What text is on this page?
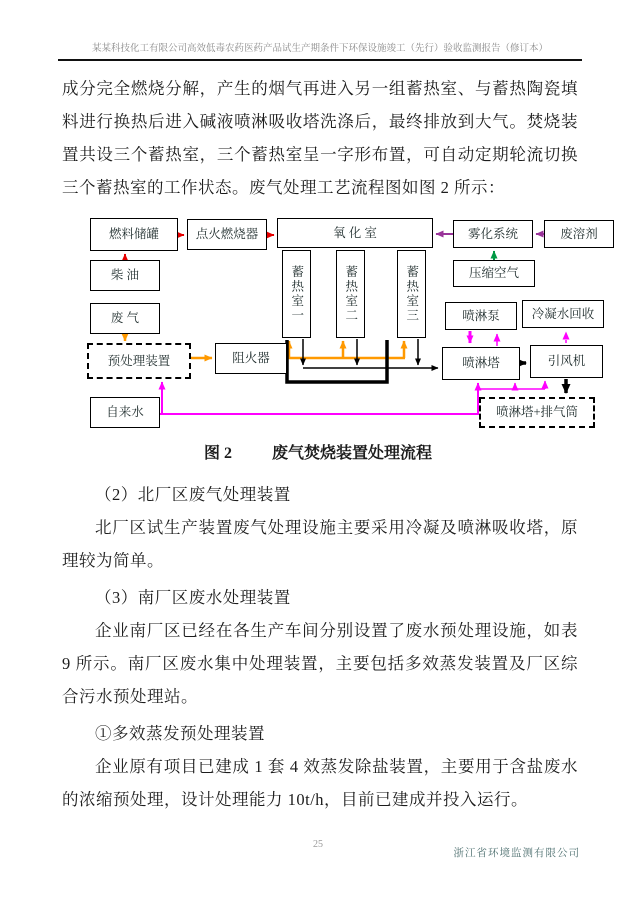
某某科技化工有限公司高效低毒农药医药产品试生产期条件下环保设施竣工（先行）验收监测报告（修订本）

成分完全燃烧分解，产生的烟气再进入另一组蓄热室、与蓄热陶瓷填料进行换热后进入碱液喷淋吸收塔洗涤后，最终排放到大气。焚烧装置共设三个蓄热室，三个蓄热室呈一字形布置，可自动定期轮流切换三个蓄热室的工作状态。废气处理工艺流程图如图 2 所示：

燃料储罐	点火燃烧器	氧 化 室
蓄热室一	蓄热室二	蓄热室三
雾化系统	废溶剂
压缩空气
柴 油
废 气
预处理装置	阻火器
喷淋泵	冷凝水回收
喷淋塔	引风机
自来水	喷淋塔+排气筒
图 2	废气焚烧装置处理流程

（2）北厂区废气处理装置

北厂区试生产装置废气处理设施主要采用冷凝及喷淋吸收塔，原理较为简单。

（3）南厂区废水处理装置

企业南厂区已经在各生产车间分别设置了废水预处理设施，如表 9 所示。南厂区废水集中处理装置，主要包括多效蒸发装置及厂区综合污水预处理站。

①多效蒸发预处理装置

企业原有项目已建成 1 套 4 效蒸发除盐装置，主要用于含盐废水的浓缩预处理，设计处理能力 10t/h，目前已建成并投入运行。

25
浙江省环境监测有限公司
